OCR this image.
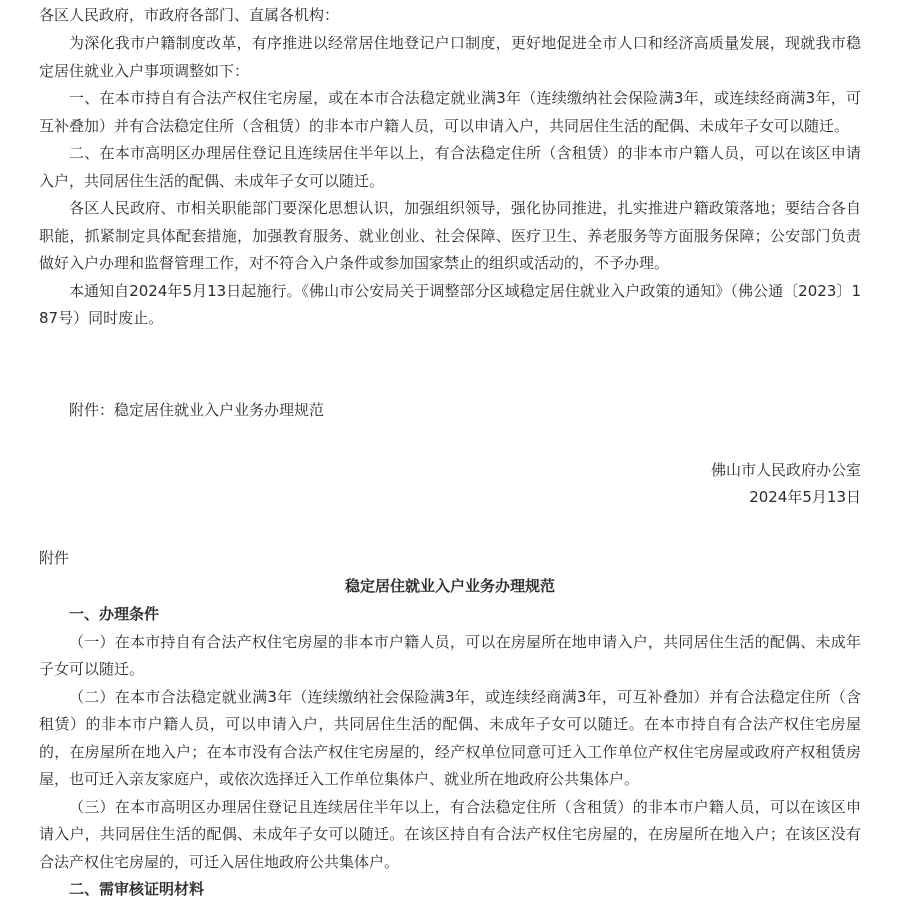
各区人民政府，市政府各部门、直属各机构：

为深化我市户籍制度改革，有序推进以经常居住地登记户口制度，更好地促进全市人口和经济高质量发展，现就我市稳定居住就业入户事项调整如下：

一、在本市持自有合法产权住宅房屋，或在本市合法稳定就业满3年（连续缴纳社会保险满3年，或连续经商满3年，可互补叠加）并有合法稳定住所（含租赁）的非本市户籍人员，可以申请入户，共同居住生活的配偶、未成年子女可以随迁。

二、在本市高明区办理居住登记且连续居住半年以上，有合法稳定住所（含租赁）的非本市户籍人员，可以在该区申请入户，共同居住生活的配偶、未成年子女可以随迁。

各区人民政府、市相关职能部门要深化思想认识，加强组织领导，强化协同推进，扎实推进户籍政策落地；要结合各自职能，抓紧制定具体配套措施，加强教育服务、就业创业、社会保障、医疗卫生、养老服务等方面服务保障；公安部门负责做好入户办理和监督管理工作，对不符合入户条件或参加国家禁止的组织或活动的，不予办理。

本通知自2024年5月13日起施行。《佛山市公安局关于调整部分区域稳定居住就业入户政策的通知》（佛公通〔2023〕187号）同时废止。

附件：稳定居住就业入户业务办理规范

佛山市人民政府办公室

2024年5月13日

附件

稳定居住就业入户业务办理规范

一、办理条件

（一）在本市持自有合法产权住宅房屋的非本市户籍人员，可以在房屋所在地申请入户，共同居住生活的配偶、未成年子女可以随迁。

（二）在本市合法稳定就业满3年（连续缴纳社会保险满3年，或连续经商满3年，可互补叠加）并有合法稳定住所（含租赁）的非本市户籍人员，可以申请入户，共同居住生活的配偶、未成年子女可以随迁。在本市持自有合法产权住宅房屋的，在房屋所在地入户；在本市没有合法产权住宅房屋的，经产权单位同意可迁入工作单位产权住宅房屋或政府产权租赁房屋，也可迁入亲友家庭户，或依次选择迁入工作单位集体户、就业所在地政府公共集体户。

（三）在本市高明区办理居住登记且连续居住半年以上，有合法稳定住所（含租赁）的非本市户籍人员，可以在该区申请入户，共同居住生活的配偶、未成年子女可以随迁。在该区持自有合法产权住宅房屋的，在房屋所在地入户；在该区没有合法产权住宅房屋的，可迁入居住地政府公共集体户。

二、需审核证明材料
